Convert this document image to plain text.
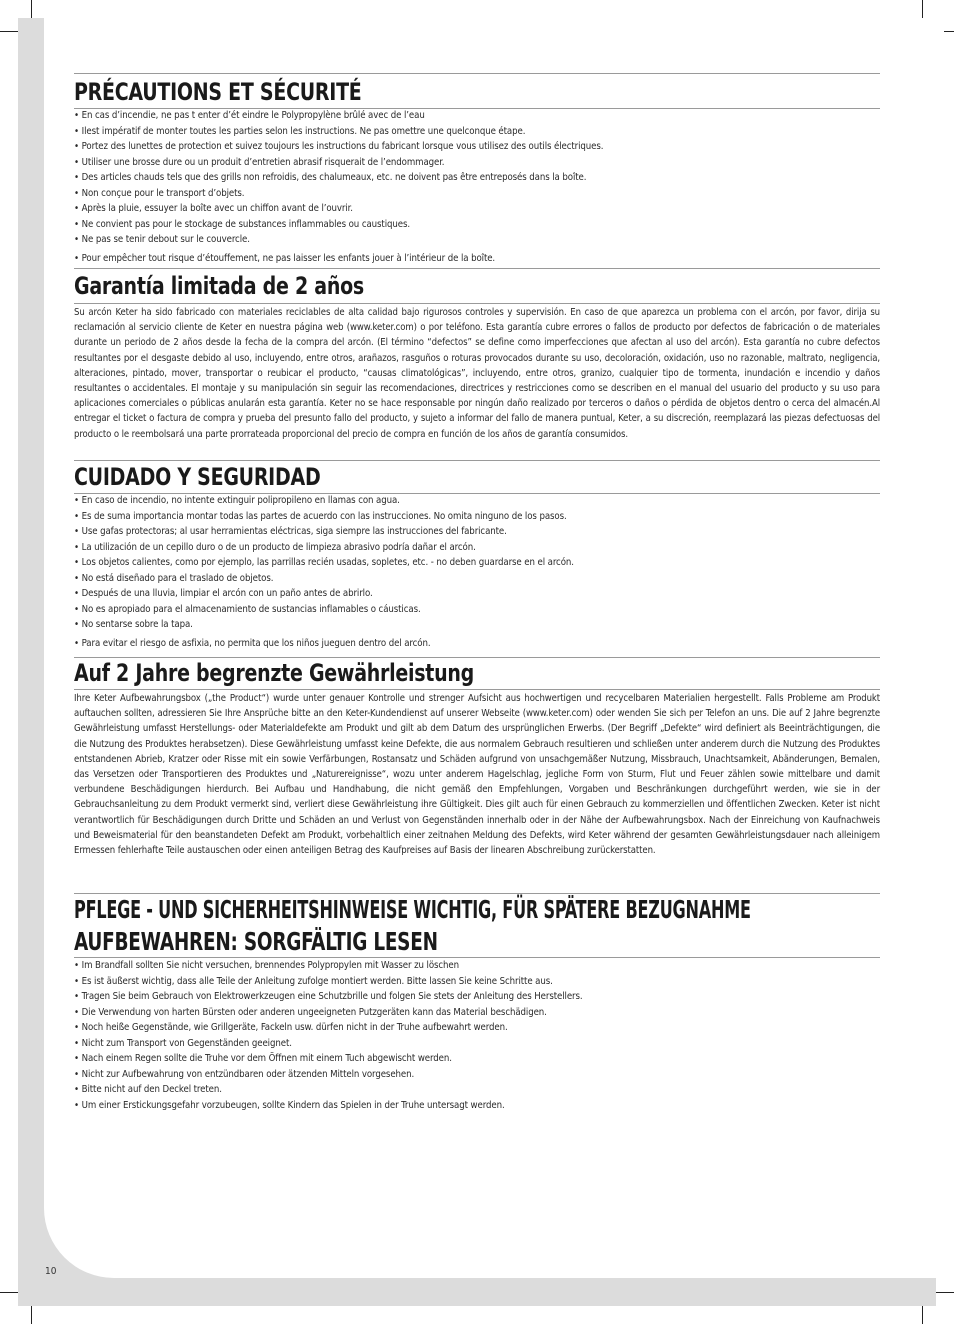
PRÉCAUTIONS ET SÉCURITÉ
• En cas d’incendie, ne pas t enter d’ét eindre le Polypropylène brûlé avec de l’eau
• Ilest impératif de monter toutes les parties selon les instructions. Ne pas omettre une quelconque étape.
• Portez des lunettes de protection et suivez toujours les instructions du fabricant lorsque vous utilisez des outils électriques.
• Utiliser une brosse dure ou un produit d’entretien abrasif risquerait de l’endommager.
• Des articles chauds tels que des grills non refroidis, des chalumeaux, etc. ne doivent pas être entreposés dans la boîte.
• Non conçue pour le transport d’objets.
• Après la pluie, essuyer la boîte avec un chiffon avant de l’ouvrir.
• Ne convient pas pour le stockage de substances inflammables ou caustiques.
• Ne pas se tenir debout sur le couvercle.
• Pour empêcher tout risque d’étouffement, ne pas laisser les enfants jouer à l’intérieur de la boîte.
Garantía limitada de 2 años

Su arcón Keter ha sido fabricado con materiales reciclables de alta calidad bajo rigurosos controles y supervisión. En caso de que aparezca un problema con el arcón, por favor, dirija su reclamación al servicio cliente de Keter en nuestra página web (www.keter.com) o por teléfono. Esta garantía cubre errores o fallos de producto por defectos de fabricación o de materiales durante un periodo de 2 años desde la fecha de la compra del arcón. (El término “defectos” se define como imperfecciones que afectan al uso del arcón). Esta garantía no cubre defectos resultantes por el desgaste debido al uso, incluyendo, entre otros, arañazos, rasguños o roturas provocados durante su uso, decoloración, oxidación, uso no razonable, maltrato, negligencia, alteraciones, pintado, mover, transportar o reubicar el producto, “causas climatológicas”, incluyendo, entre otros, granizo, cualquier tipo de tormenta, inundación e incendio y daños resultantes o accidentales. El montaje y su manipulación sin seguir las recomendaciones, directrices y restricciones como se describen en el manual del usuario del producto y su uso para aplicaciones comerciales o públicas anularán esta garantía. Keter no se hace responsable por ningún daño realizado por terceros o daños o pérdida de objetos dentro o cerca del almacén.Al entregar el ticket o factura de compra y prueba del presunto fallo del producto, y sujeto a informar del fallo de manera puntual, Keter, a su discreción, reemplazará las piezas defectuosas del producto o le reembolsará una parte prorrateada proporcional del precio de compra en función de los años de garantía consumidos.

CUIDADO Y SEGURIDAD
• En caso de incendio, no intente extinguir polipropileno en llamas con agua.
• Es de suma importancia montar todas las partes de acuerdo con las instrucciones. No omita ninguno de los pasos.
• Use gafas protectoras; al usar herramientas eléctricas, siga siempre las instrucciones del fabricante.
• La utilización de un cepillo duro o de un producto de limpieza abrasivo podría dañar el arcón.
• Los objetos calientes, como por ejemplo, las parrillas recién usadas, sopletes, etc. - no deben guardarse en el arcón.
• No está diseñado para el traslado de objetos.
• Después de una lluvia, limpiar el arcón con un paño antes de abrirlo.
• No es apropiado para el almacenamiento de sustancias inflamables o cáusticas.
• No sentarse sobre la tapa.
• Para evitar el riesgo de asfixia, no permita que los niños jueguen dentro del arcón.
Auf 2 Jahre begrenzte Gewährleistung

Ihre Keter Aufbewahrungsbox („the Product“) wurde unter genauer Kontrolle und strenger Aufsicht aus hochwertigen und recycelbaren Materialien hergestellt. Falls Probleme am Produkt auftauchen sollten, adressieren Sie Ihre Ansprüche bitte an den Keter-Kundendienst auf unserer Webseite (www.keter.com) oder wenden Sie sich per Telefon an uns. Die auf 2 Jahre begrenzte Gewährleistung umfasst Herstellungs- oder Materialdefekte am Produkt und gilt ab dem Datum des ursprünglichen Erwerbs. (Der Begriff „Defekte“ wird definiert als Beeinträchtigungen, die die Nutzung des Produktes herabsetzen). Diese Gewährleistung umfasst keine Defekte, die aus normalem Gebrauch resultieren und schließen unter anderem durch die Nutzung des Produktes entstandenen Abrieb, Kratzer oder Risse mit ein sowie Verfärbungen, Rostansatz und Schäden aufgrund von unsachgemäßer Nutzung, Missbrauch, Unachtsamkeit, Abänderungen, Bemalen, das Versetzen oder Transportieren des Produktes und „Naturereignisse“, wozu unter anderem Hagelschlag, jegliche Form von Sturm, Flut und Feuer zählen sowie mittelbare und damit verbundene Beschädigungen hierdurch. Bei Aufbau und Handhabung, die nicht gemäß den Empfehlungen, Vorgaben und Beschränkungen durchgeführt werden, wie sie in der Gebrauchsanleitung zu dem Produkt vermerkt sind, verliert diese Gewährleistung ihre Gültigkeit. Dies gilt auch für einen Gebrauch zu kommerziellen und öffentlichen Zwecken. Keter ist nicht verantwortlich für Beschädigungen durch Dritte und Schäden an und Verlust von Gegenständen innerhalb oder in der Nähe der Aufbewahrungsbox. Nach der Einreichung von Kaufnachweis und Beweismaterial für den beanstandeten Defekt am Produkt, vorbehaltlich einer zeitnahen Meldung des Defekts, wird Keter während der gesamten Gewährleistungsdauer nach alleinigem Ermessen fehlerhafte Teile austauschen oder einen anteiligen Betrag des Kaufpreises auf Basis der linearen Abschreibung zurückerstatten.

PFLEGE - UND SICHERHEITSHINWEISE WICHTIG, FÜR SPÄTERE BEZUGNAHME
AUFBEWAHREN: SORGFÄLTIG LESEN
• Im Brandfall sollten Sie nicht versuchen, brennendes Polypropylen mit Wasser zu löschen
• Es ist äußerst wichtig, dass alle Teile der Anleitung zufolge montiert werden. Bitte lassen Sie keine Schritte aus.
• Tragen Sie beim Gebrauch von Elektrowerkzeugen eine Schutzbrille und folgen Sie stets der Anleitung des Herstellers.
• Die Verwendung von harten Bürsten oder anderen ungeeigneten Putzgeräten kann das Material beschädigen.
• Noch heiße Gegenstände, wie Grillgeräte, Fackeln usw. dürfen nicht in der Truhe aufbewahrt werden.
• Nicht zum Transport von Gegenständen geeignet.
• Nach einem Regen sollte die Truhe vor dem Öffnen mit einem Tuch abgewischt werden.
• Nicht zur Aufbewahrung von entzündbaren oder ätzenden Mitteln vorgesehen.
• Bitte nicht auf den Deckel treten.
• Um einer Erstickungsgefahr vorzubeugen, sollte Kindern das Spielen in der Truhe untersagt werden.
10
